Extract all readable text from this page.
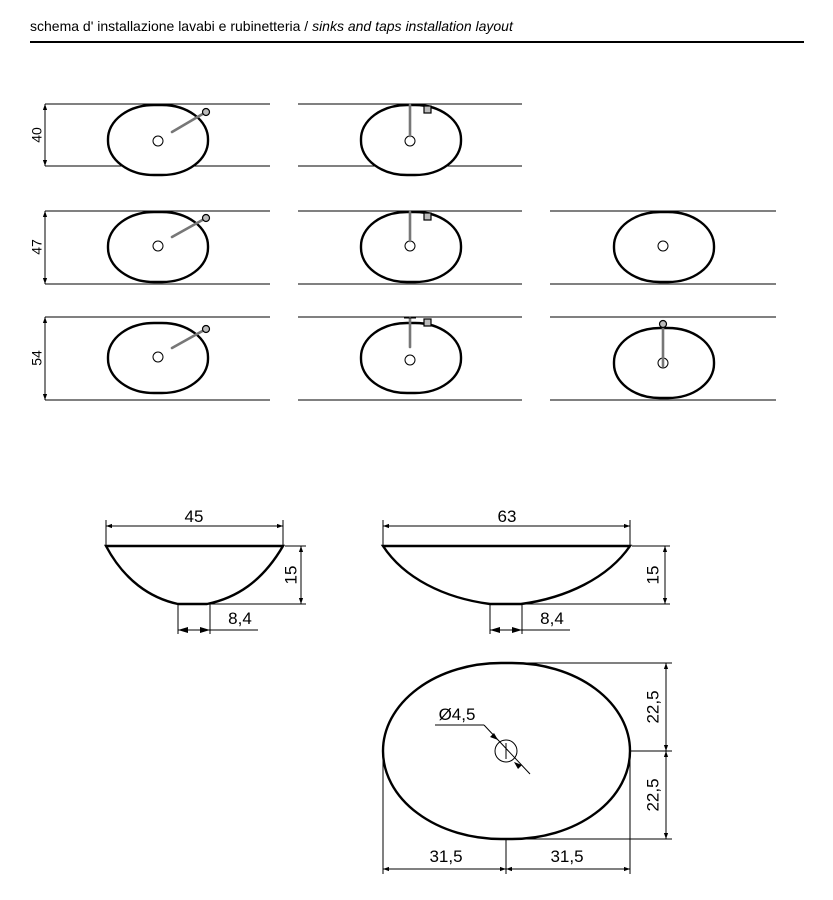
schema d' installazione lavabi e rubinetteria / sinks and taps installation layout
40
47
54
45
15
8,4
63
15
8,4
Ø4,5	22,5
22,5
31,5	31,5
